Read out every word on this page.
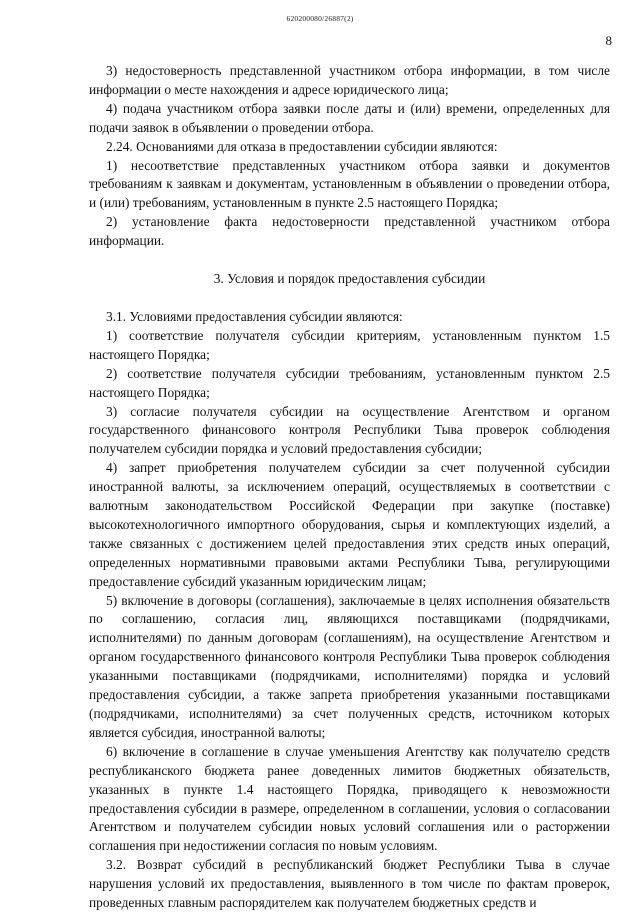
620200080/26887(2)
8

3) недостоверность представленной участником отбора информации, в том числе информации о месте нахождения и адресе юридического лица;

4) подача участником отбора заявки после даты и (или) времени, определенных для подачи заявок в объявлении о проведении отбора.

2.24. Основаниями для отказа в предоставлении субсидии являются:

1) несоответствие представленных участником отбора заявки и документов требованиям к заявкам и документам, установленным в объявлении о проведении отбора, и (или) требованиям, установленным в пункте 2.5 настоящего Порядка;

2) установление факта недостоверности представленной участником отбора информации.

3. Условия и порядок предоставления субсидии

3.1. Условиями предоставления субсидии являются:

1) соответствие получателя субсидии критериям, установленным пунктом 1.5 настоящего Порядка;

2) соответствие получателя субсидии требованиям, установленным пунктом 2.5 настоящего Порядка;

3) согласие получателя субсидии на осуществление Агентством и органом государственного финансового контроля Республики Тыва проверок соблюдения получателем субсидии порядка и условий предоставления субсидии;

4) запрет приобретения получателем субсидии за счет полученной субсидии иностранной валюты, за исключением операций, осуществляемых в соответствии с валютным законодательством Российской Федерации при закупке (поставке) высокотехнологичного импортного оборудования, сырья и комплектующих изделий, а также связанных с достижением целей предоставления этих средств иных операций, определенных нормативными правовыми актами Республики Тыва, регулирующими предоставление субсидий указанным юридическим лицам;

5) включение в договоры (соглашения), заключаемые в целях исполнения обязательств по соглашению, согласия лиц, являющихся поставщиками (подрядчиками, исполнителями) по данным договорам (соглашениям), на осуществление Агентством и органом государственного финансового контроля Республики Тыва проверок соблюдения указанными поставщиками (подрядчиками, исполнителями) порядка и условий предоставления субсидии, а также запрета приобретения указанными поставщиками (подрядчиками, исполнителями) за счет полученных средств, источником которых является субсидия, иностранной валюты;

6) включение в соглашение в случае уменьшения Агентству как получателю средств республиканского бюджета ранее доведенных лимитов бюджетных обязательств, указанных в пункте 1.4 настоящего Порядка, приводящего к невозможности предоставления субсидии в размере, определенном в соглашении, условия о согласовании Агентством и получателем субсидии новых условий соглашения или о расторжении соглашения при недостижении согласия по новым условиям.

3.2. Возврат субсидий в республиканский бюджет Республики Тыва в случае нарушения условий их предоставления, выявленного в том числе по фактам проверок, проведенных главным распорядителем как получателем бюджетных средств и
